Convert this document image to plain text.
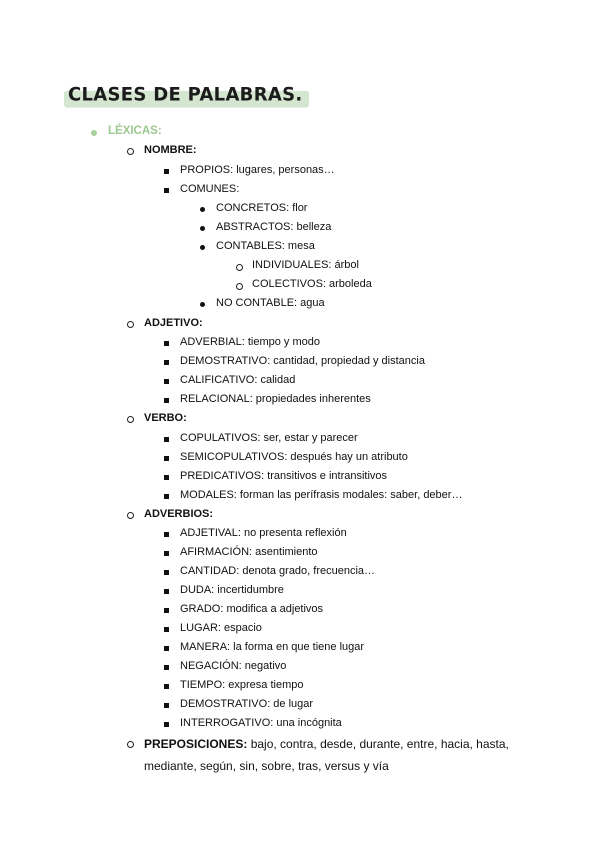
CLASES DE PALABRAS.
LÉXICAS:
NOMBRE:
PROPIOS: lugares, personas…
COMUNES:
CONCRETOS: flor
ABSTRACTOS: belleza
CONTABLES: mesa
INDIVIDUALES: árbol
COLECTIVOS: arboleda
NO CONTABLE: agua
ADJETIVO:
ADVERBIAL: tiempo y modo
DEMOSTRATIVO: cantidad, propiedad y distancia
CALIFICATIVO: calidad
RELACIONAL: propiedades inherentes
VERBO:
COPULATIVOS: ser, estar y parecer
SEMICOPULATIVOS: después hay un atributo
PREDICATIVOS: transitivos e intransitivos
MODALES: forman las perífrasis modales: saber, deber…
ADVERBIOS:
ADJETIVAL: no presenta reflexión
AFIRMACIÓN: asentimiento
CANTIDAD: denota grado, frecuencia…
DUDA: incertidumbre
GRADO: modifica a adjetivos
LUGAR: espacio
MANERA: la forma en que tiene lugar
NEGACIÓN: negativo
TIEMPO: expresa tiempo
DEMOSTRATIVO: de lugar
INTERROGATIVO: una incógnita
PREPOSICIONES: bajo, contra, desde, durante, entre, hacia, hasta,
mediante, según, sin, sobre, tras, versus y vía
